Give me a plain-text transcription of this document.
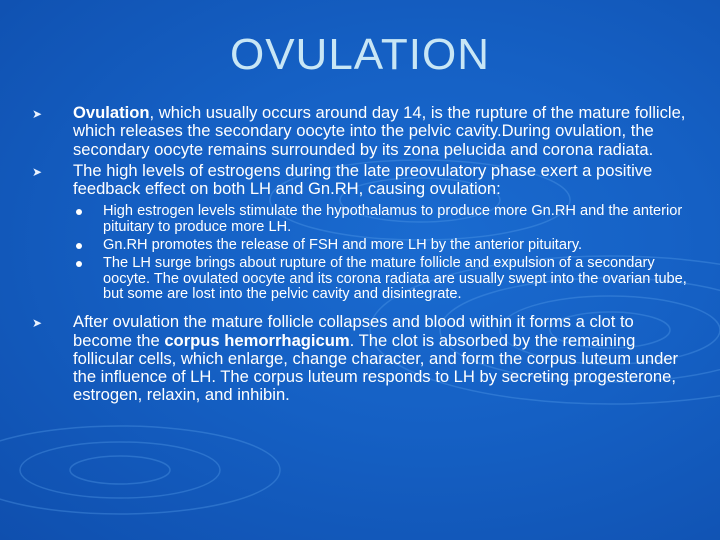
OVULATION

➤ Ovulation, which usually occurs around day 14, is the rupture of the mature follicle, which releases the secondary oocyte into the pelvic cavity.During ovulation, the secondary oocyte remains surrounded by its zona pelucida and corona radiata.

➤ The high levels of estrogens during the late preovulatory phase exert a positive feedback effect on both LH and Gn.RH, causing ovulation:

High estrogen levels stimulate the hypothalamus to produce more Gn.RH and the anterior pituitary to produce more LH.

Gn.RH promotes the release of FSH and more LH by the anterior pituitary.

The LH surge brings about rupture of the mature follicle and expulsion of a secondary oocyte. The ovulated oocyte and its corona radiata are usually swept into the ovarian tube, but some are lost into the pelvic cavity and disintegrate.

➤ After ovulation the mature follicle collapses and blood within it forms a clot to become the corpus hemorrhagicum. The clot is absorbed by the remaining follicular cells, which enlarge, change character, and form the corpus luteum under the influence of LH. The corpus luteum responds to LH by secreting progesterone, estrogen, relaxin, and inhibin.
